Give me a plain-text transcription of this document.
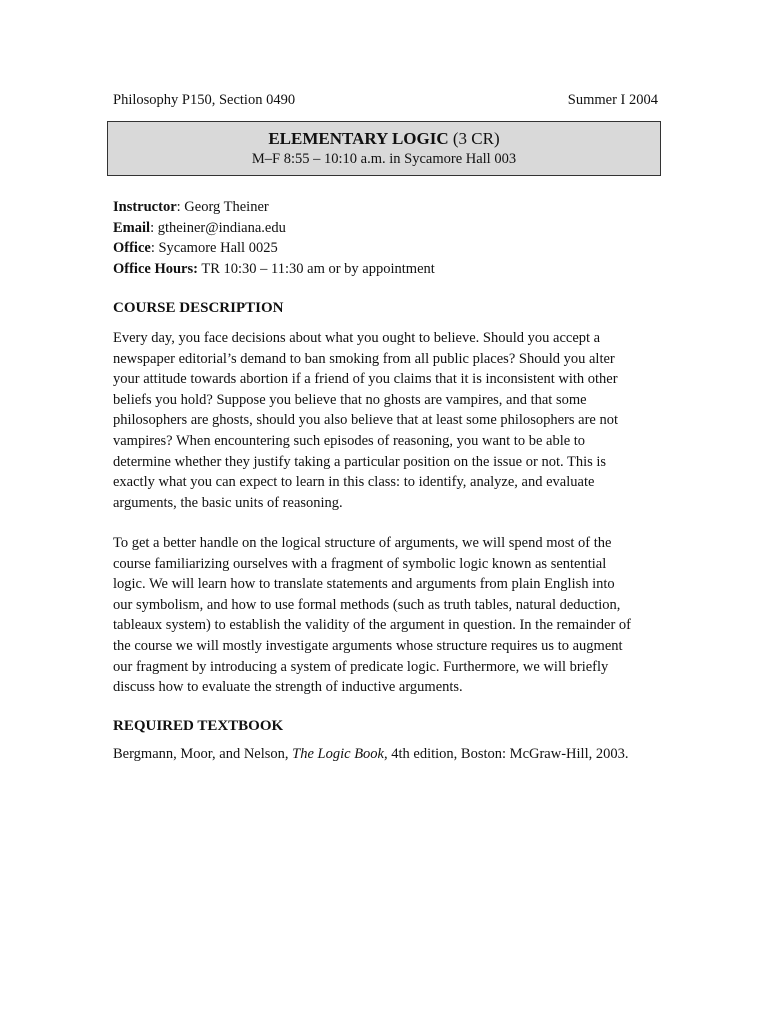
Philosophy P150, Section 0490	Summer I 2004
ELEMENTARY LOGIC (3 CR)
M–F 8:55 – 10:10 a.m. in Sycamore Hall 003
Instructor: Georg Theiner
Email: gtheiner@indiana.edu
Office: Sycamore Hall 0025
Office Hours: TR 10:30 – 11:30 am or by appointment
COURSE DESCRIPTION
Every day, you face decisions about what you ought to believe. Should you accept a
newspaper editorial’s demand to ban smoking from all public places? Should you alter
your attitude towards abortion if a friend of you claims that it is inconsistent with other
beliefs you hold? Suppose you believe that no ghosts are vampires, and that some
philosophers are ghosts, should you also believe that at least some philosophers are not
vampires? When encountering such episodes of reasoning, you want to be able to
determine whether they justify taking a particular position on the issue or not. This is
exactly what you can expect to learn in this class: to identify, analyze, and evaluate
arguments, the basic units of reasoning.
To get a better handle on the logical structure of arguments, we will spend most of the
course familiarizing ourselves with a fragment of symbolic logic known as sentential
logic. We will learn how to translate statements and arguments from plain English into
our symbolism, and how to use formal methods (such as truth tables, natural deduction,
tableaux system) to establish the validity of the argument in question. In the remainder of
the course we will mostly investigate arguments whose structure requires us to augment
our fragment by introducing a system of predicate logic. Furthermore, we will briefly
discuss how to evaluate the strength of inductive arguments.
REQUIRED TEXTBOOK
Bergmann, Moor, and Nelson, The Logic Book, 4th edition, Boston: McGraw-Hill, 2003.
